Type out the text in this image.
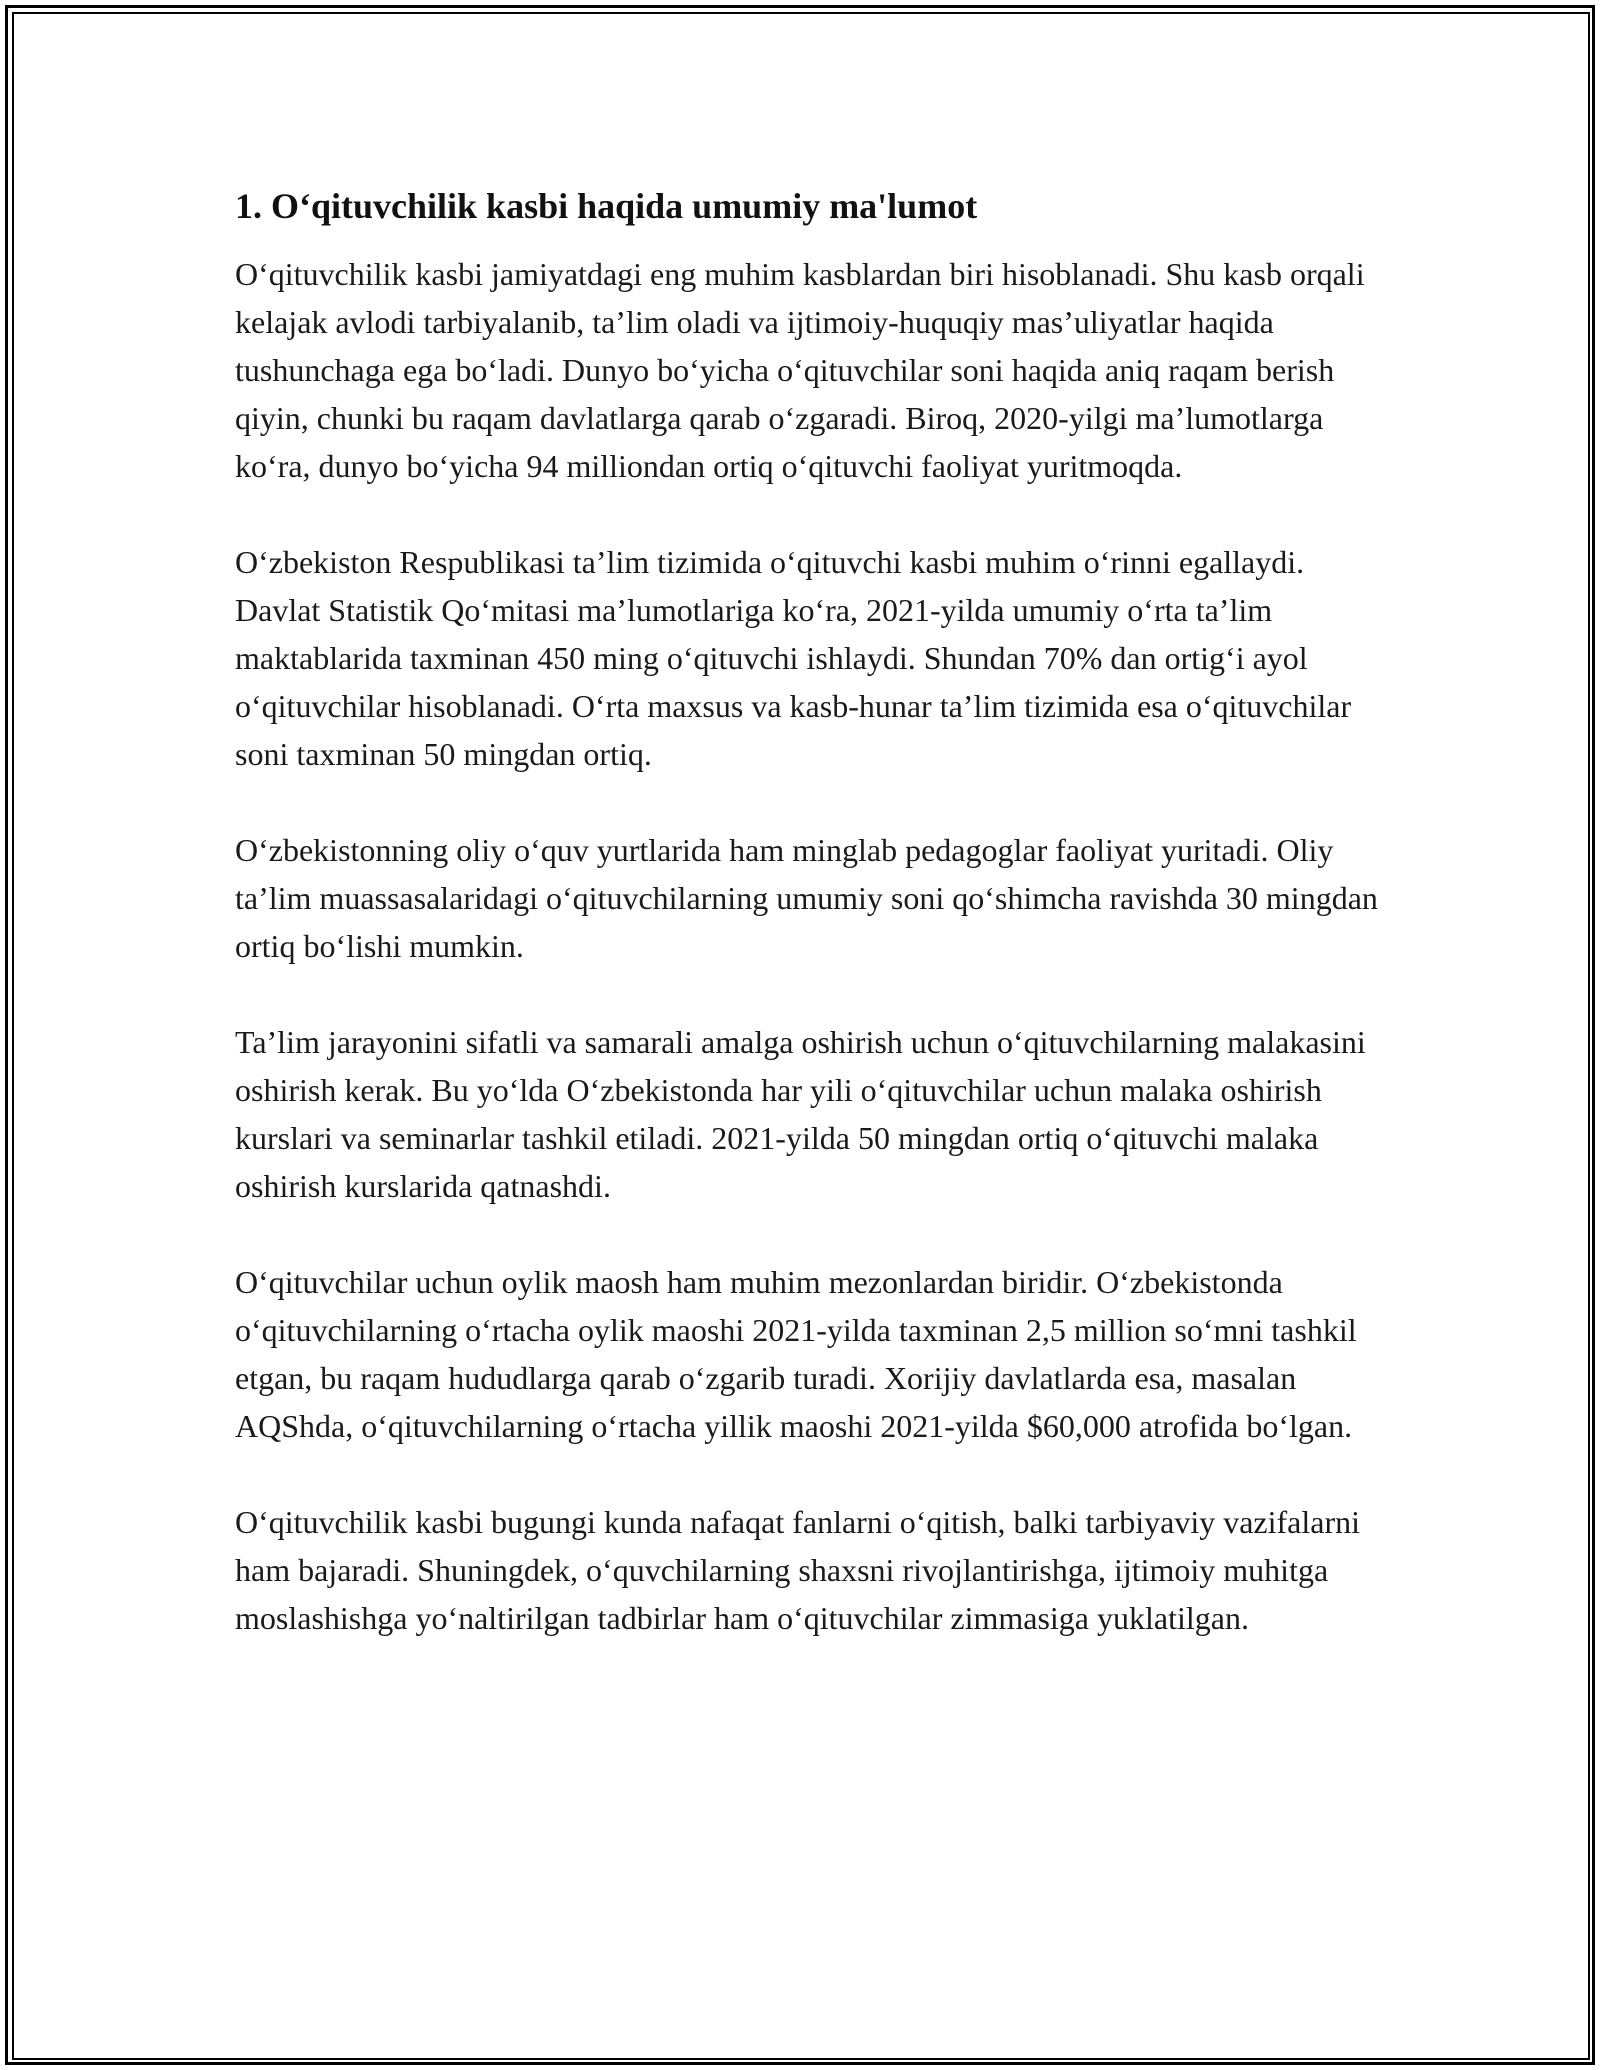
1. O‘qituvchilik kasbi haqida umumiy ma'lumot

O‘qituvchilik kasbi jamiyatdagi eng muhim kasblardan biri hisoblanadi. Shu kasb orqali kelajak avlodi tarbiyalanib, ta’lim oladi va ijtimoiy-huquqiy mas’uliyatlar haqida tushunchaga ega bo‘ladi. Dunyo bo‘yicha o‘qituvchilar soni haqida aniq raqam berish qiyin, chunki bu raqam davlatlarga qarab o‘zgaradi. Biroq, 2020-yilgi ma’lumotlarga ko‘ra, dunyo bo‘yicha 94 milliondan ortiq o‘qituvchi faoliyat yuritmoqda.

O‘zbekiston Respublikasi ta’lim tizimida o‘qituvchi kasbi muhim o‘rinni egallaydi. Davlat Statistik Qo‘mitasi ma’lumotlariga ko‘ra, 2021-yilda umumiy o‘rta ta’lim maktablarida taxminan 450 ming o‘qituvchi ishlaydi. Shundan 70% dan ortig‘i ayol o‘qituvchilar hisoblanadi. O‘rta maxsus va kasb-hunar ta’lim tizimida esa o‘qituvchilar soni taxminan 50 mingdan ortiq.

O‘zbekistonning oliy o‘quv yurtlarida ham minglab pedagoglar faoliyat yuritadi. Oliy ta’lim muassasalaridagi o‘qituvchilarning umumiy soni qo‘shimcha ravishda 30 mingdan ortiq bo‘lishi mumkin.

Ta’lim jarayonini sifatli va samarali amalga oshirish uchun o‘qituvchilarning malakasini oshirish kerak. Bu yo‘lda O‘zbekistonda har yili o‘qituvchilar uchun malaka oshirish kurslari va seminarlar tashkil etiladi. 2021-yilda 50 mingdan ortiq o‘qituvchi malaka oshirish kurslarida qatnashdi.

O‘qituvchilar uchun oylik maosh ham muhim mezonlardan biridir. O‘zbekistonda o‘qituvchilarning o‘rtacha oylik maoshi 2021-yilda taxminan 2,5 million so‘mni tashkil etgan, bu raqam hududlarga qarab o‘zgarib turadi. Xorijiy davlatlarda esa, masalan AQShda, o‘qituvchilarning o‘rtacha yillik maoshi 2021-yilda $60,000 atrofida bo‘lgan.

O‘qituvchilik kasbi bugungi kunda nafaqat fanlarni o‘qitish, balki tarbiyaviy vazifalarni ham bajaradi. Shuningdek, o‘quvchilarning shaxsni rivojlantirishga, ijtimoiy muhitga moslashishga yo‘naltirilgan tadbirlar ham o‘qituvchilar zimmasiga yuklatilgan.
